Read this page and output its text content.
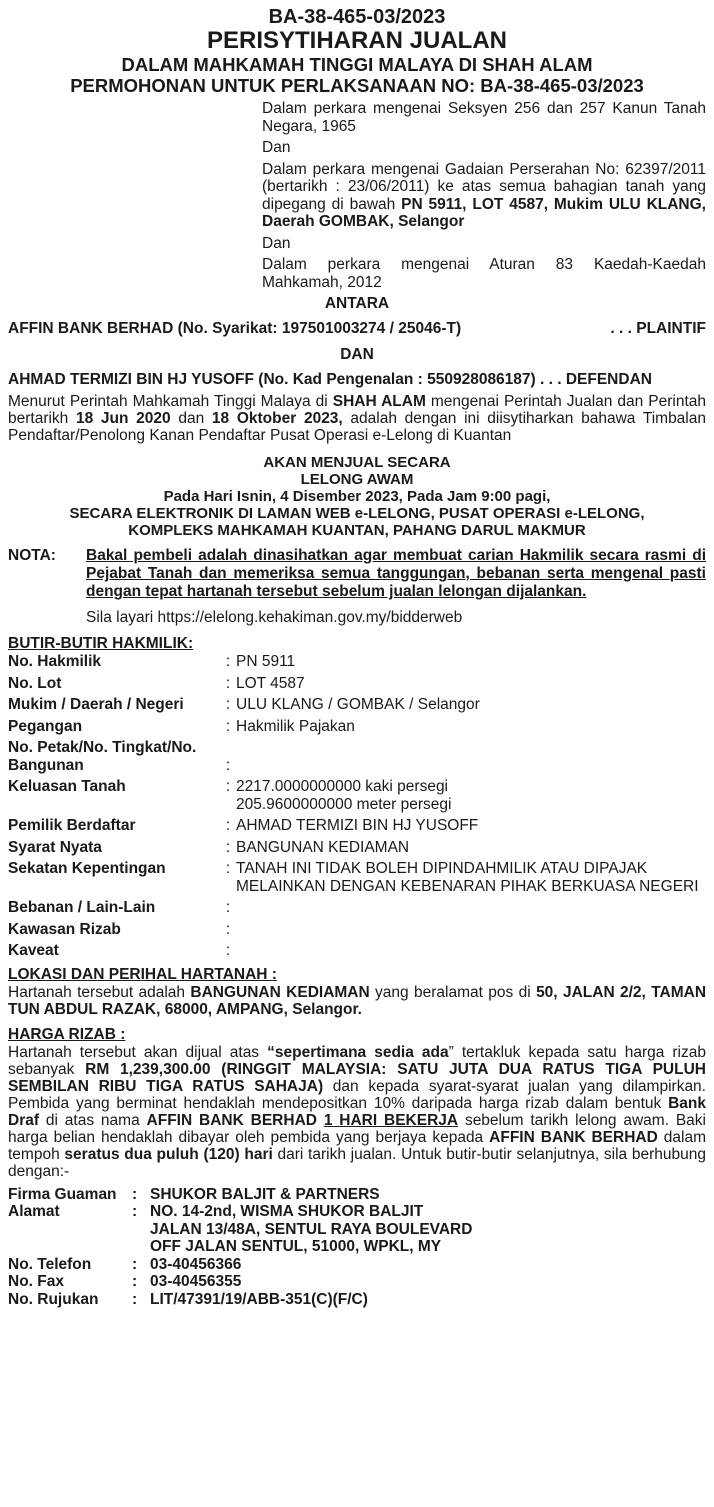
BA-38-465-03/2023
PERISYTIHARAN JUALAN
DALAM MAHKAMAH TINGGI MALAYA DI SHAH ALAM
PERMOHONAN UNTUK PERLAKSANAAN NO: BA-38-465-03/2023

Dalam perkara mengenai Seksyen 256 dan 257 Kanun Tanah Negara, 1965

Dan

Dalam perkara mengenai Gadaian Perserahan No: 62397/2011 (bertarikh : 23/06/2011) ke atas semua bahagian tanah yang dipegang di bawah PN 5911, LOT 4587, Mukim ULU KLANG, Daerah GOMBAK, Selangor

Dan

Dalam perkara mengenai Aturan 83 Kaedah-Kaedah Mahkamah, 2012

ANTARA
AFFIN BANK BERHAD (No. Syarikat: 197501003274 / 25046-T)	. . . PLAINTIF
DAN
AHMAD TERMIZI BIN HJ YUSOFF (No. Kad Pengenalan : 550928086187) . . . DEFENDAN
Menurut Perintah Mahkamah Tinggi Malaya di SHAH ALAM mengenai Perintah Jualan dan Perintah bertarikh 18 Jun 2020 dan 18 Oktober 2023, adalah dengan ini diisytiharkan bahawa Timbalan Pendaftar/Penolong Kanan Pendaftar Pusat Operasi e-Lelong di Kuantan
AKAN MENJUAL SECARA
LELONG AWAM
Pada Hari Isnin, 4 Disember 2023, Pada Jam 9:00 pagi,
SECARA ELEKTRONIK DI LAMAN WEB e-LELONG, PUSAT OPERASI e-LELONG,
KOMPLEKS MAHKAMAH KUANTAN, PAHANG DARUL MAKMUR
NOTA:	Bakal pembeli adalah dinasihatkan agar membuat carian Hakmilik secara rasmi di Pejabat Tanah dan memeriksa semua tanggungan, bebanan serta mengenal pasti dengan tepat hartanah tersebut sebelum jualan lelongan dijalankan.
Sila layari https://elelong.kehakiman.gov.my/bidderweb
BUTIR-BUTIR HAKMILIK:
No. Hakmilik	:	PN 5911
No. Lot	:	LOT 4587
Mukim / Daerah / Negeri	:	ULU KLANG / GOMBAK / Selangor
Pegangan	:	Hakmilik Pajakan
No. Petak/No. Tingkat/No. Bangunan	:	
Keluasan Tanah	:	2217.0000000000 kaki persegi
205.9600000000 meter persegi

Pemilik Berdaftar	:	AHMAD TERMIZI BIN HJ YUSOFF
Syarat Nyata	:	BANGUNAN KEDIAMAN
Sekatan Kepentingan	:	TANAH INI TIDAK BOLEH DIPINDAHMILIK ATAU DIPAJAK MELAINKAN DENGAN KEBENARAN PIHAK BERKUASA NEGERI
Bebanan / Lain-Lain	:	
Kawasan Rizab	:	
Kaveat	:	
LOKASI DAN PERIHAL HARTANAH :
Hartanah tersebut adalah BANGUNAN KEDIAMAN yang beralamat pos di 50, JALAN 2/2, TAMAN TUN ABDUL RAZAK, 68000, AMPANG, Selangor.
HARGA RIZAB :
Hartanah tersebut akan dijual atas “sepertimana sedia ada” tertakluk kepada satu harga rizab sebanyak RM 1,239,300.00 (RINGGIT MALAYSIA: SATU JUTA DUA RATUS TIGA PULUH SEMBILAN RIBU TIGA RATUS SAHAJA) dan kepada syarat-syarat jualan yang dilampirkan. Pembida yang berminat hendaklah mendepositkan 10% daripada harga rizab dalam bentuk Bank Draf di atas nama AFFIN BANK BERHAD 1 HARI BEKERJA sebelum tarikh lelong awam. Baki harga belian hendaklah dibayar oleh pembida yang berjaya kepada AFFIN BANK BERHAD dalam tempoh seratus dua puluh (120) hari dari tarikh jualan. Untuk butir-butir selanjutnya, sila berhubung dengan:-
Firma Guaman	:	SHUKOR BALJIT & PARTNERS
Alamat	:	NO. 14-2nd, WISMA SHUKOR BALJIT
JALAN 13/48A, SENTUL RAYA BOULEVARD
OFF JALAN SENTUL, 51000, WPKL, MY

No. Telefon	:	03-40456366
No. Fax	:	03-40456355
No. Rujukan	:	LIT/47391/19/ABB-351(C)(F/C)
